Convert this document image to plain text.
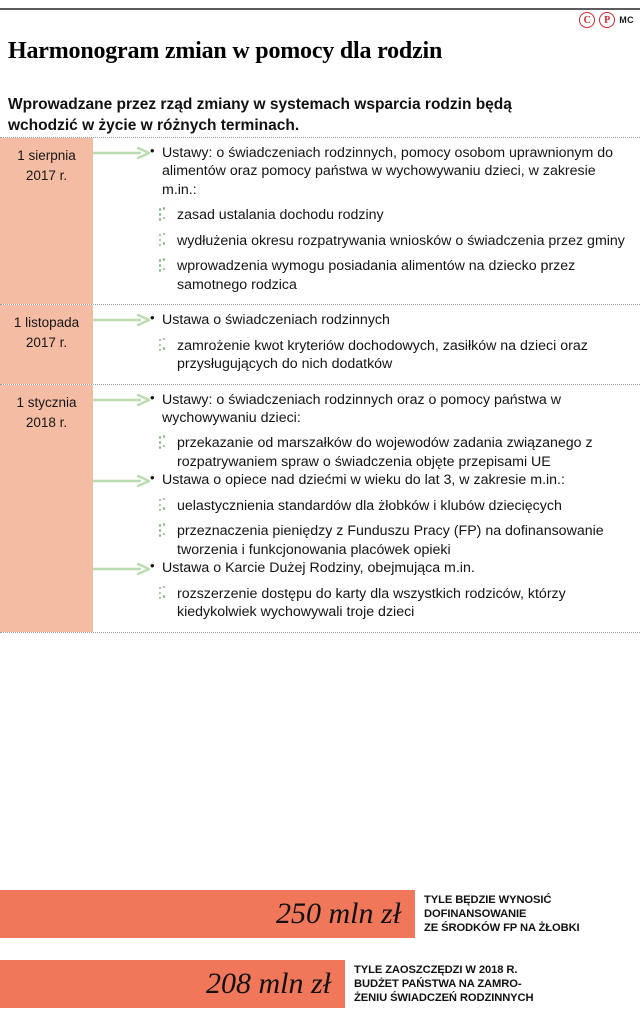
C	P MC
Harmonogram zmian w pomocy dla rodzin

Wprowadzane przez rząd zmiany w systemach wsparcia rodzin będą wchodzić w życie w różnych terminach.

1 sierpnia
2017 r.
• Ustawy: o świadczeniach rodzinnych, pomocy osobom uprawnionym do alimentów oraz pomocy państwa w wychowywaniu dzieci, w zakresie m.in.:
zasad ustalania dochodu rodziny
wydłużenia okresu rozpatrywania wniosków o świadczenia przez gminy
wprowadzenia wymogu posiadania alimentów na dziecko przez samotnego rodzica
1 listopada
2017 r.
• Ustawa o świadczeniach rodzinnych
zamrożenie kwot kryteriów dochodowych, zasiłków na dzieci oraz przysługujących do nich dodatków
1 stycznia
2018 r.
• Ustawy: o świadczeniach rodzinnych oraz o pomocy państwa w wychowywaniu dzieci:
przekazanie od marszałków do wojewodów zadania związanego z rozpatrywaniem spraw o świadczenia objęte przepisami UE
• Ustawa o opiece nad dziećmi w wieku do lat 3, w zakresie m.in.:
uelastycznienia standardów dla żłobków i klubów dziecięcych
przeznaczenia pieniędzy z Funduszu Pracy (FP) na dofinansowanie tworzenia i funkcjonowania placówek opieki
• Ustawa o Karcie Dużej Rodziny, obejmująca m.in.
rozszerzenie dostępu do karty dla wszystkich rodziców, którzy kiedykolwiek wychowywali troje dzieci
250 mln zł TYLE BĘDZIE WYNOSIĆ
DOFINANSOWANIE
ZE ŚRODKÓW FP NA ŻŁOBKI
208 mln zł TYLE ZAOSZCZĘDZI W 2018 R.
BUDŻET PAŃSTWA NA ZAMRO-
ŻENIU ŚWIADCZEŃ RODZINNYCH
